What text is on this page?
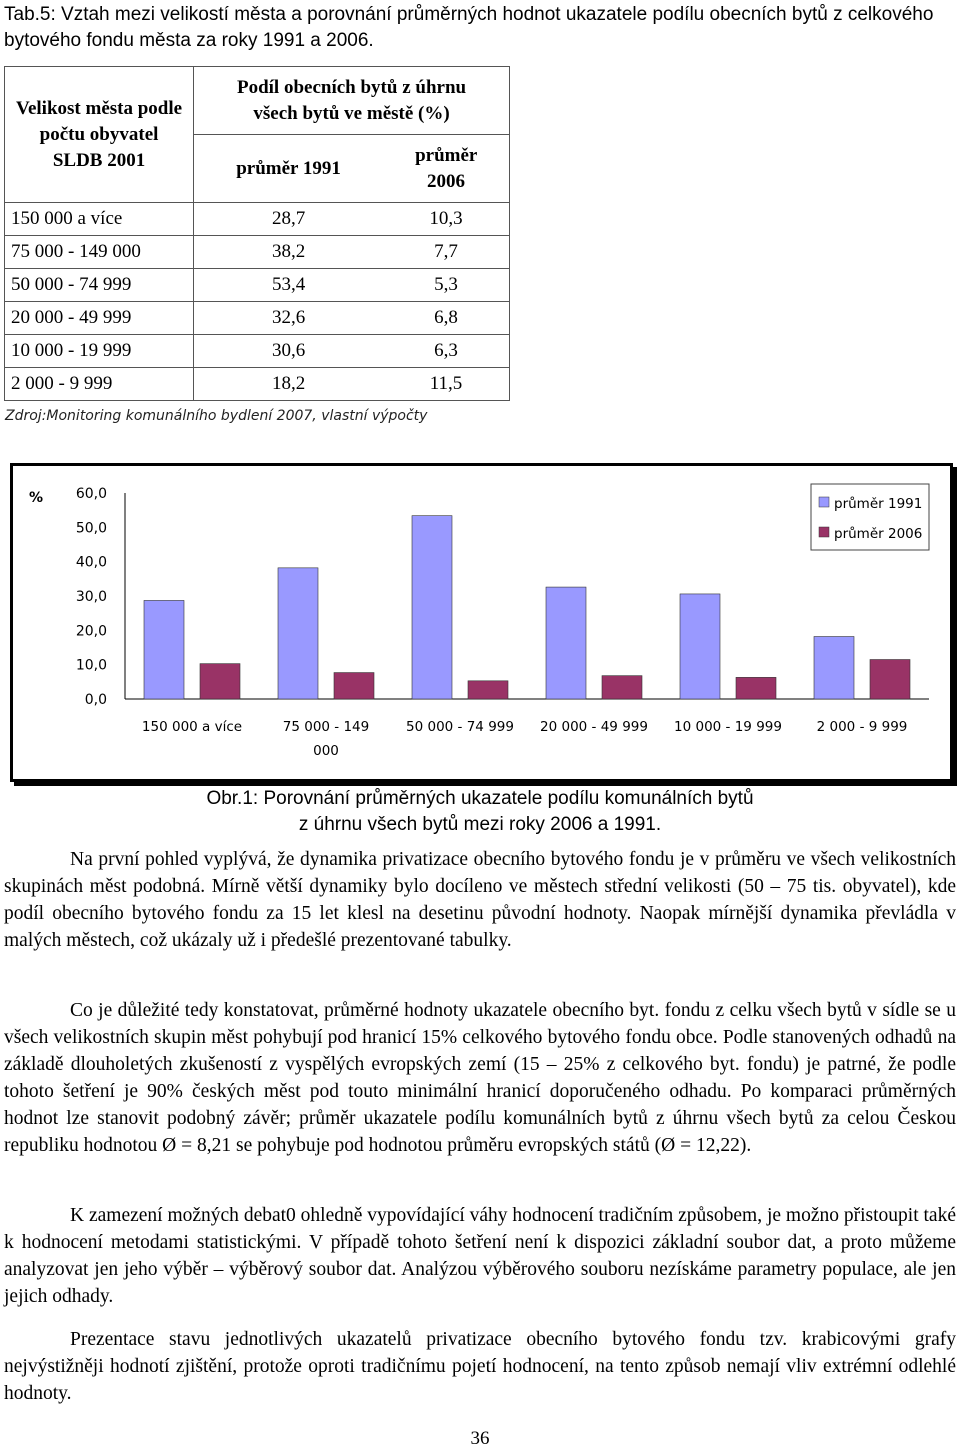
Tab.5: Vztah mezi velikostí města a porovnání průměrných hodnot ukazatele podílu obecních bytů z celkového bytového fondu města za roky 1991 a 2006.

Velikost města podle počtu obyvatel SLDB 2001	Podíl obecních bytů z úhrnu všech bytů ve městě (%)	
	průměr 1991	průměr 2006
150 000 a více	28,7	10,3
75 000 - 149 000	38,2	7,7
50 000 - 74 999	53,4	5,3
20 000 - 49 999	32,6	6,8
10 000 - 19 999	30,6	6,3
2 000 - 9 999	18,2	11,5
Zdroj:Monitoring komunálního bydlení 2007, vlastní výpočty
%
0,0
10,0
20,0
30,0
40,0
50,0
60,0
150 000 a více	75 000 - 149
000
50 000 - 74 999 20 000 - 49 999 10 000 - 19 999	2 000 - 9 999
průměr 1991
průměr 2006
Obr.1: Porovnání průměrných ukazatele podílu komunálních bytů
z úhrnu všech bytů mezi roky 2006 a 1991.

Na první pohled vyplývá, že dynamika privatizace obecního bytového fondu je v průměru ve všech velikostních skupinách měst podobná. Mírně větší dynamiky bylo docíleno ve městech střední velikosti (50 – 75 tis. obyvatel), kde podíl obecního bytového fondu za 15 let klesl na desetinu původní hodnoty. Naopak mírnější dynamika převládla v malých městech, což ukázaly už i předešlé prezentované tabulky.

Co je důležité tedy konstatovat, průměrné hodnoty ukazatele obecního byt. fondu z celku všech bytů v sídle se u všech velikostních skupin měst pohybují pod hranicí 15% celkového bytového fondu obce. Podle stanovených odhadů na základě dlouholetých zkušeností z vyspělých evropských zemí (15 – 25% z celkového byt. fondu) je patrné, že podle tohoto šetření je 90% českých měst pod touto minimální hranicí doporučeného odhadu. Po komparaci průměrných hodnot lze stanovit podobný závěr; průměr ukazatele podílu komunálních bytů z úhrnu všech bytů za celou Českou republiku hodnotou Ø = 8,21 se pohybuje pod hodnotou průměru evropských států (Ø = 12,22).

K zamezení možných debat0 ohledně vypovídající váhy hodnocení tradičním způsobem, je možno přistoupit také k hodnocení metodami statistickými. V případě tohoto šetření není k dispozici základní soubor dat, a proto můžeme analyzovat jen jeho výběr – výběrový soubor dat. Analýzou výběrového souboru nezískáme parametry populace, ale jen jejich odhady.

Prezentace stavu jednotlivých ukazatelů privatizace obecního bytového fondu tzv. krabicovými grafy nejvýstižněji hodnotí zjištění, protože oproti tradičnímu pojetí hodnocení, na tento způsob nemají vliv extrémní odlehlé hodnoty.

36
